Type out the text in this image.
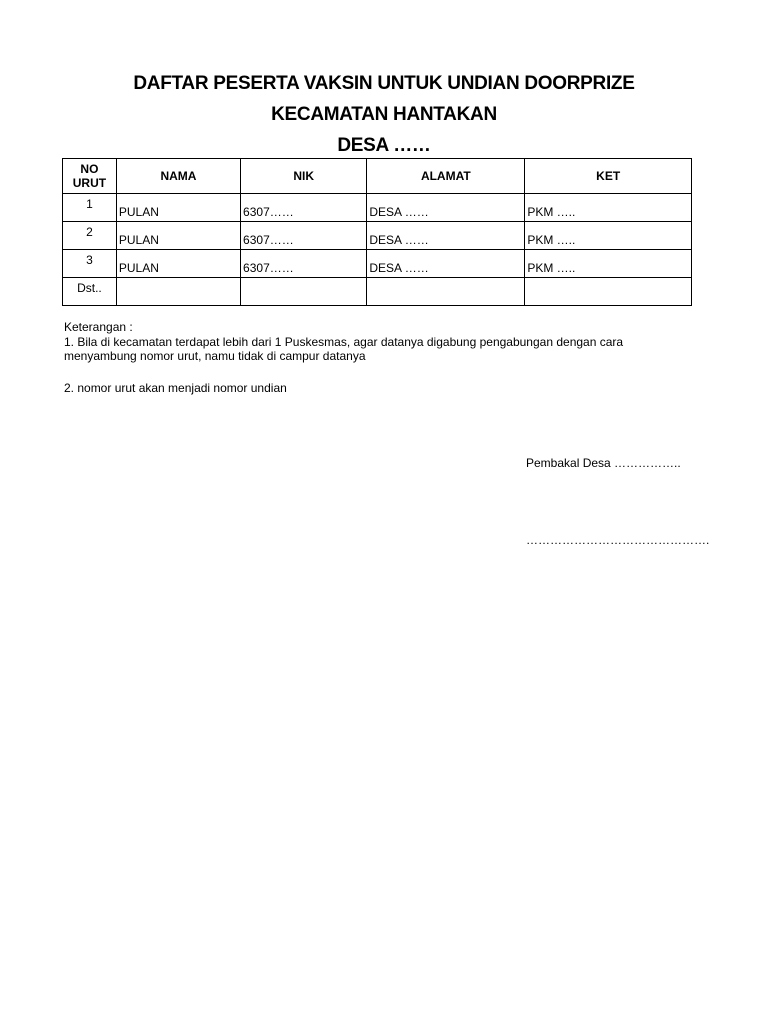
DAFTAR PESERTA VAKSIN UNTUK UNDIAN DOORPRIZE
KECAMATAN HANTAKAN
DESA ……
NO
URUT	NAMA	NIK	ALAMAT	KET
1	PULAN	6307……	DESA ……	PKM …..
2	PULAN	6307……	DESA ……	PKM …..
3	PULAN	6307……	DESA ……	PKM …..
Dst..				

Keterangan :

1. Bila di kecamatan terdapat lebih dari 1 Puskesmas, agar datanya digabung pengabungan dengan cara

menyambung nomor urut, namu tidak di campur datanya

2. nomor urut akan menjadi nomor undian

Pembakal Desa ……………..
……………………………………….
